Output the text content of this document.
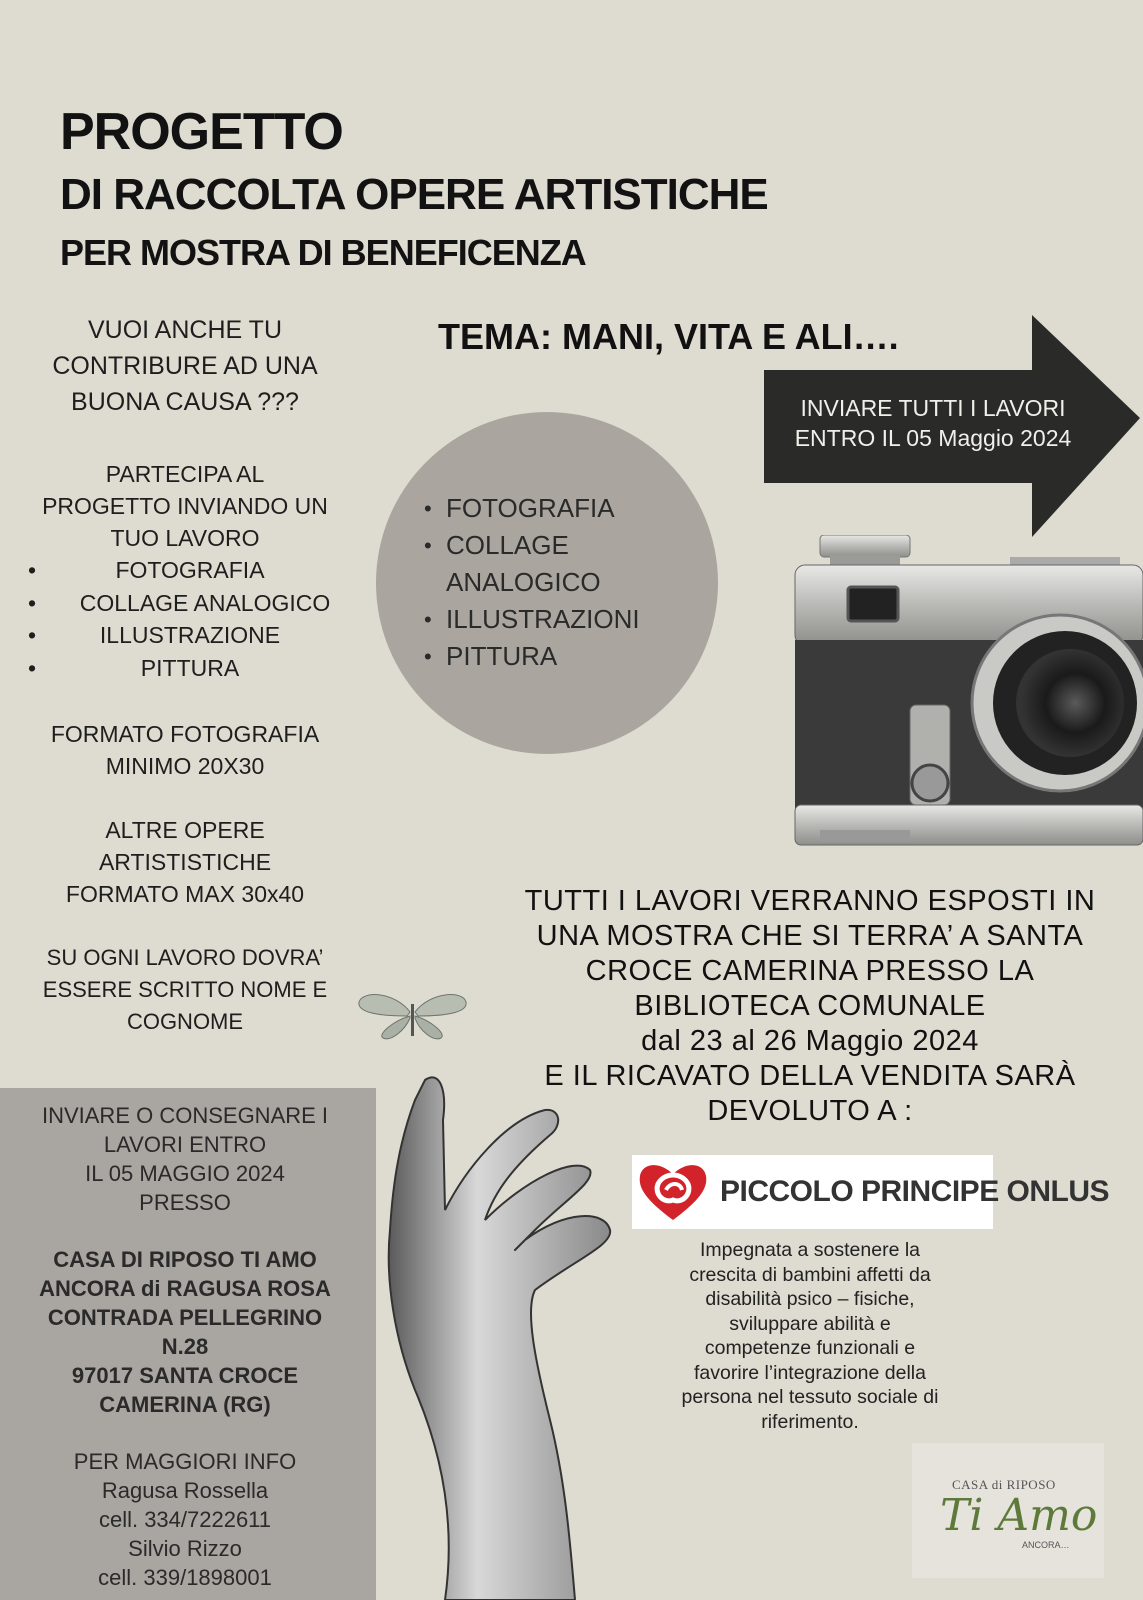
PROGETTO
DI RACCOLTA OPERE ARTISTICHE
PER MOSTRA DI BENEFICENZA
VUOI ANCHE TU
CONTRIBURE AD UNA
BUONA CAUSA ???
PARTECIPA AL
PROGETTO INVIANDO UN
TUO LAVORO
• FOTOGRAFIA
• COLLAGE ANALOGICO
• ILLUSTRAZIONE
• PITTURA
FORMATO FOTOGRAFIA
MINIMO 20X30
ALTRE OPERE
ARTISTISTICHE
FORMATO MAX 30x40
SU OGNI LAVORO DOVRA’
ESSERE SCRITTO NOME E
COGNOME
TEMA: MANI, VITA E ALI….
INVIARE TUTTI I LAVORI
ENTRO IL 05 Maggio 2024
• FOTOGRAFIA
• COLLAGE ANALOGICO
• ILLUSTRAZIONI
• PITTURA
TUTTI I LAVORI VERRANNO ESPOSTI IN
UNA MOSTRA CHE SI TERRA’ A SANTA
CROCE CAMERINA PRESSO LA
BIBLIOTECA COMUNALE
dal 23 al 26 Maggio 2024
E IL RICAVATO DELLA VENDITA SARÀ
DEVOLUTO A :
INVIARE O CONSEGNARE I
LAVORI ENTRO
IL 05 MAGGIO 2024
PRESSO
CASA DI RIPOSO TI AMO
ANCORA di RAGUSA ROSA
CONTRADA PELLEGRINO
N.28
97017 SANTA CROCE
CAMERINA (RG)
PER MAGGIORI INFO
Ragusa Rossella
cell. 334/7222611
Silvio Rizzo
cell. 339/1898001
PICCOLO PRINCIPE ONLUS
Impegnata a sostenere la
crescita di bambini affetti da
disabilità psico – fisiche,
sviluppare abilità e
competenze funzionali e
favorire l’integrazione della
persona nel tessuto sociale di
riferimento.
CASA di RIPOSO
Ti Amo
ANCORA…
